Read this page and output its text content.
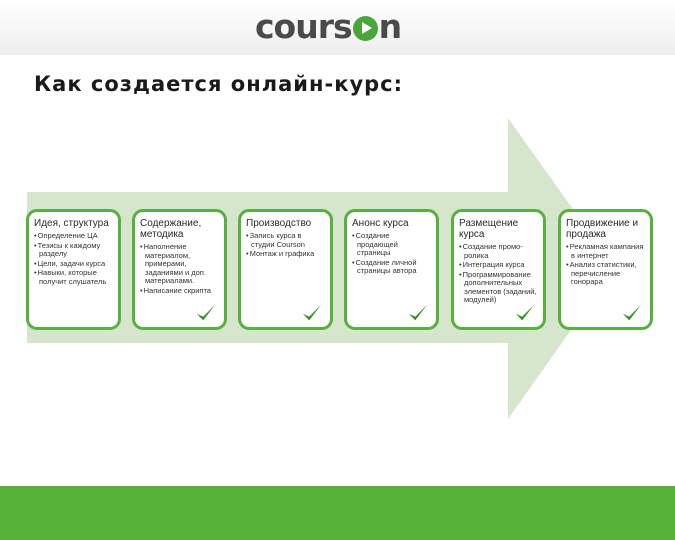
cours n
Как создается онлайн-курс:
Идея, структура
• Определение ЦА
• Тезисы к каждому разделу
• Цели, задачи курса
• Навыки, которые получит слушатель
Содержание, методика
• Наполнение материалом, примерами, заданиями и доп. материалами.
• Написание скрипта
Производство
• Запись курса в студии Courson
• Монтаж и графика
Анонс курса
• Создание продающей страницы
• Создание личной страницы автора
Размещение курса
• Создание промо-ролика
• Интеграция курса
• Программирование дополнительных элементов (заданий, модулей)
Продвижение и продажа
• Рекламная кампания в интернет
• Анализ статистики, перечисление гонорара
